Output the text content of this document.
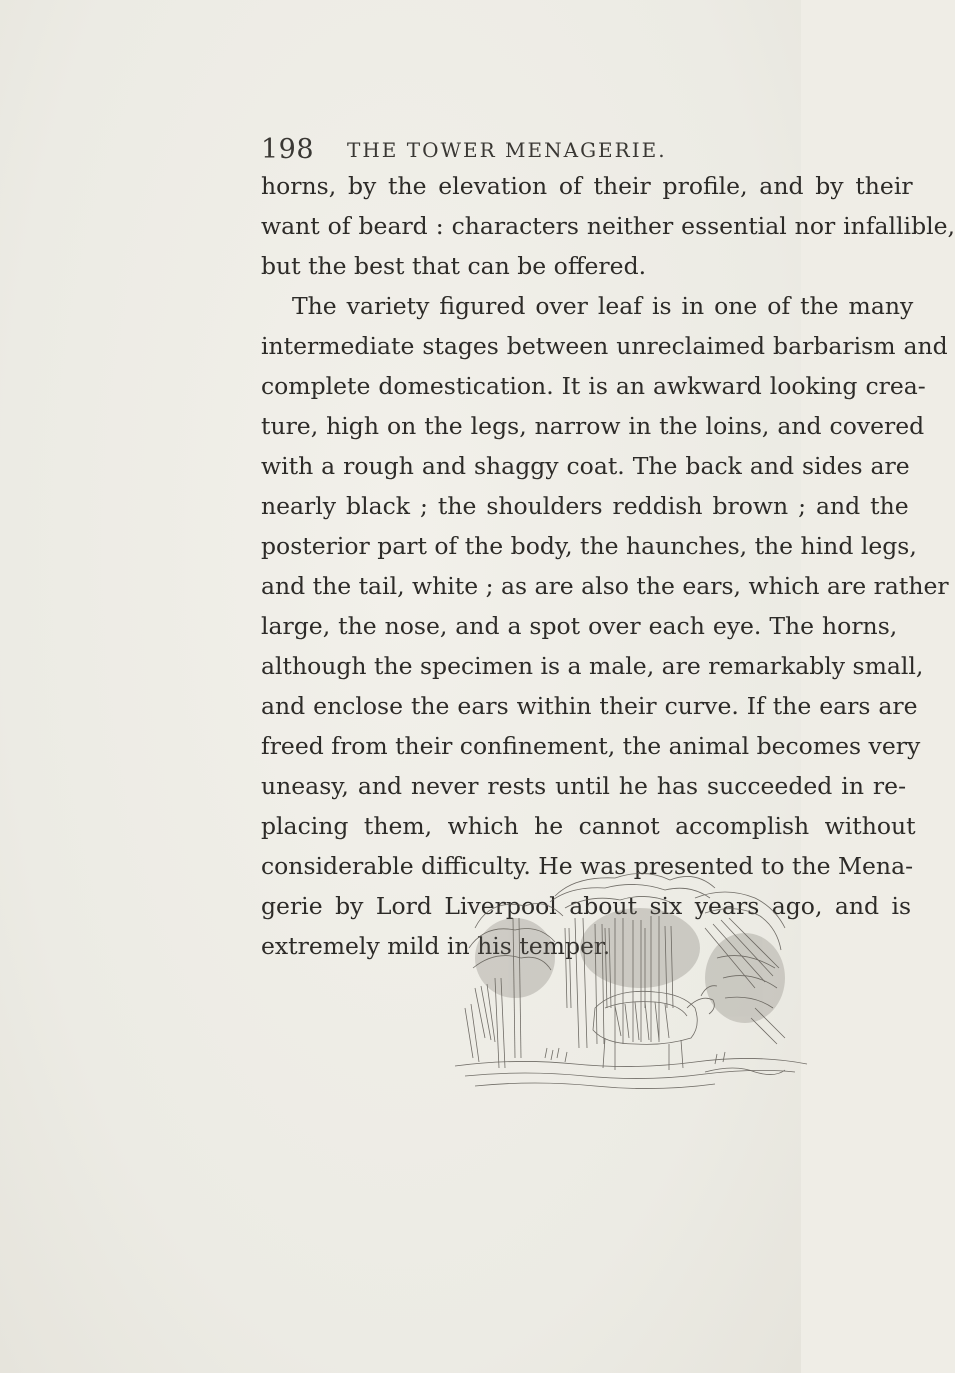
198 THE TOWER MENAGERIE.
horns, by the elevation of their profile, and by their
want of beard : characters neither essential nor infallible,
but the best that can be offered.
The variety figured over leaf is in one of the many
intermediate stages between unreclaimed barbarism and
complete domestication. It is an awkward looking crea-
ture, high on the legs, narrow in the loins, and covered
with a rough and shaggy coat. The back and sides are
nearly black ; the shoulders reddish brown ; and the
posterior part of the body, the haunches, the hind legs,
and the tail, white ; as are also the ears, which are rather
large, the nose, and a spot over each eye. The horns,
although the specimen is a male, are remarkably small,
and enclose the ears within their curve. If the ears are
freed from their confinement, the animal becomes very
uneasy, and never rests until he has succeeded in re-
placing them, which he cannot accomplish without
considerable difficulty. He was presented to the Mena-
gerie by Lord Liverpool about six years ago, and is
extremely mild in his temper.
